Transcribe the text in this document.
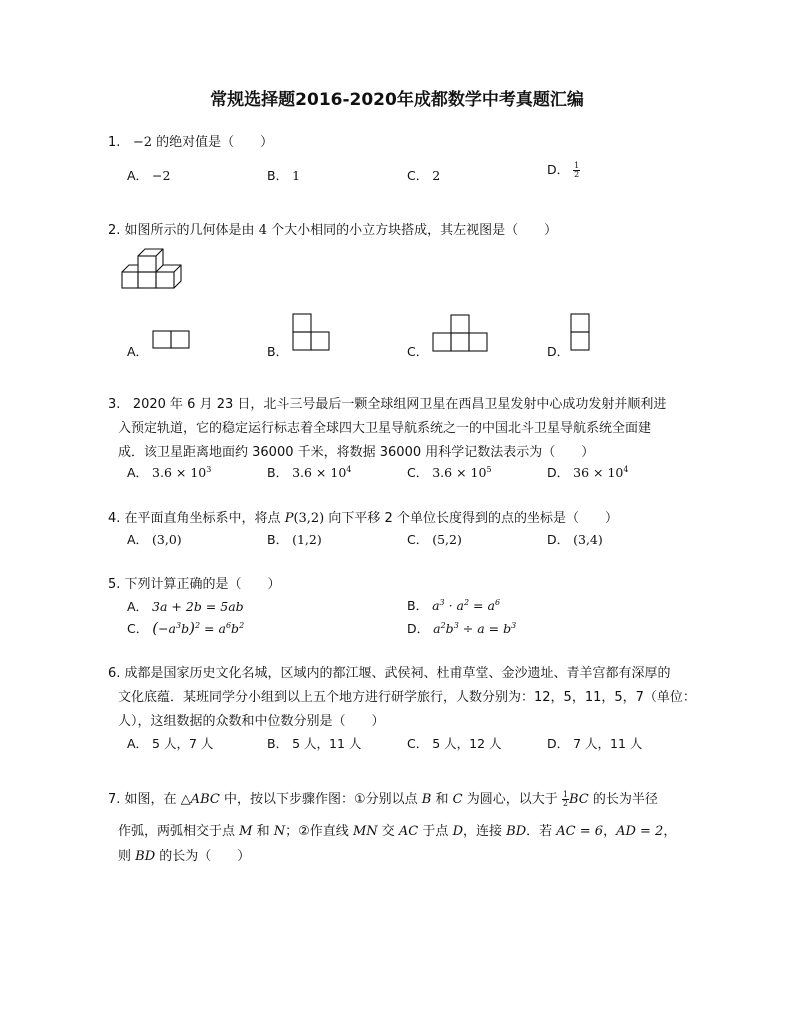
常规选择题2016-2020年成都数学中考真题汇编
1. −2 的绝对值是（　　）
A． −2	B． 1	C． 2	D． $\frac{1}{2}$
2. 如图所示的几何体是由 4 个大小相同的小立方块搭成，其左视图是（　　）
A．	B．	C．	D．
3. 2020 年 6 月 23 日，北斗三号最后一颗全球组网卫星在西昌卫星发射中心成功发射并顺利进
入预定轨道，它的稳定运行标志着全球四大卫星导航系统之一的中国北斗卫星导航系统全面建
成．该卫星距离地面约 36000 千米，将数据 36000 用科学记数法表示为（　　）
A． $3.6 \times 10^3$	B． $3.6 \times 10^4$	C． $3.6 \times 10^5$	D． $36 \times 10^4$
4. 在平面直角坐标系中，将点 P(3,2) 向下平移 2 个单位长度得到的点的坐标是（　　）
A． (3,0)	B． (1,2)	C． (5,2)	D． (3,4)
5. 下列计算正确的是（　　）
A． 3a + 2b = 5ab	B． $a^3 \cdot a^2 = a^6$
C． $(-a^3b)^2 = a^6b^2$	D． $a^2b^3 \div a = b^3$
6. 成都是国家历史文化名城，区域内的都江堰、武侯祠、杜甫草堂、金沙遗址、青羊宫都有深厚的
文化底蕴．某班同学分小组到以上五个地方进行研学旅行，人数分别为：12，5，11，5，7（单位：
人），这组数据的众数和中位数分别是（　　）
A． 5 人，7 人	B． 5 人，11 人	C． 5 人，12 人	D． 7 人，11 人
7. 如图，在 △ABC 中，按以下步骤作图：①分别以点 B 和 C 为圆心，以大于 $\frac{1}{2}$ BC 的长为半径
作弧，两弧相交于点 M 和 N；②作直线 MN 交 AC 于点 D，连接 BD．若 AC = 6，AD = 2，
则 BD 的长为（　　）
